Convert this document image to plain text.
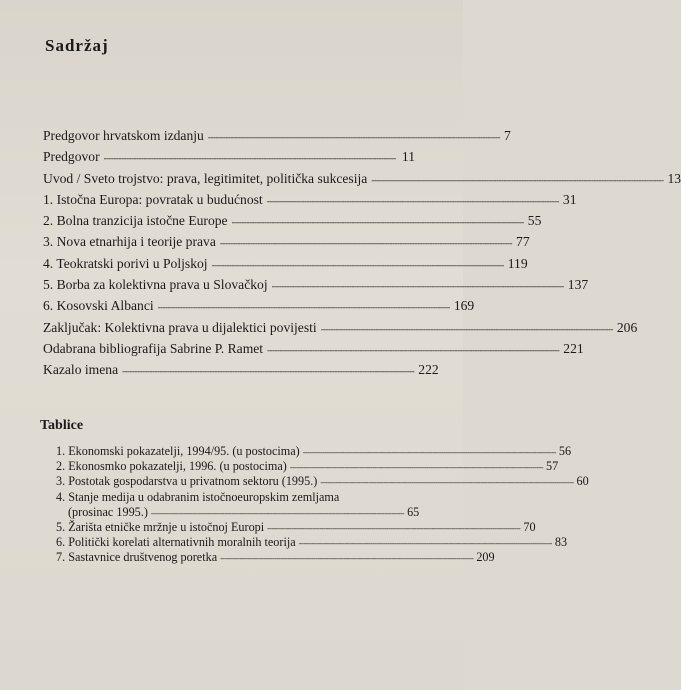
Sadržaj
Predgovor hrvatskom izdanju --------------------------------------------------------------------------------------------------------------------- 7
Predgovor --------------------------------------------------------------------------------------------------------------------- 11
Uvod / Sveto trojstvo: prava, legitimitet, politička sukcesija --------------------------------------------------------------------------------------------------------------------- 13
1. Istočna Europa: povratak u budućnost --------------------------------------------------------------------------------------------------------------------- 31
2. Bolna tranzicija istočne Europe --------------------------------------------------------------------------------------------------------------------- 55
3. Nova etnarhija i teorije prava --------------------------------------------------------------------------------------------------------------------- 77
4. Teokratski porivi u Poljskoj --------------------------------------------------------------------------------------------------------------------- 119
5. Borba za kolektivna prava u Slovačkoj --------------------------------------------------------------------------------------------------------------------- 137
6. Kosovski Albanci --------------------------------------------------------------------------------------------------------------------- 169
Zaključak: Kolektivna prava u dijalektici povijesti --------------------------------------------------------------------------------------------------------------------- 206
Odabrana bibliografija Sabrine P. Ramet --------------------------------------------------------------------------------------------------------------------- 221
Kazalo imena --------------------------------------------------------------------------------------------------------------------- 222
Tablice
1. Ekonomski pokazatelji, 1994/95. (u postocima) --------------------------------------------------------------------------------------------------------------------- 56
2. Ekonosmko pokazatelji, 1996. (u postocima) --------------------------------------------------------------------------------------------------------------------- 57
3. Postotak gospodarstva u privatnom sektoru (1995.) --------------------------------------------------------------------------------------------------------------------- 60
4. Stanje medija u odabranim istočnoeuropskim zemljama
(prosinac 1995.) --------------------------------------------------------------------------------------------------------------------- 65
5. Žarišta etničke mržnje u istočnoj Europi --------------------------------------------------------------------------------------------------------------------- 70
6. Politički korelati alternativnih moralnih teorija --------------------------------------------------------------------------------------------------------------------- 83
7. Sastavnice društvenog poretka --------------------------------------------------------------------------------------------------------------------- 209
